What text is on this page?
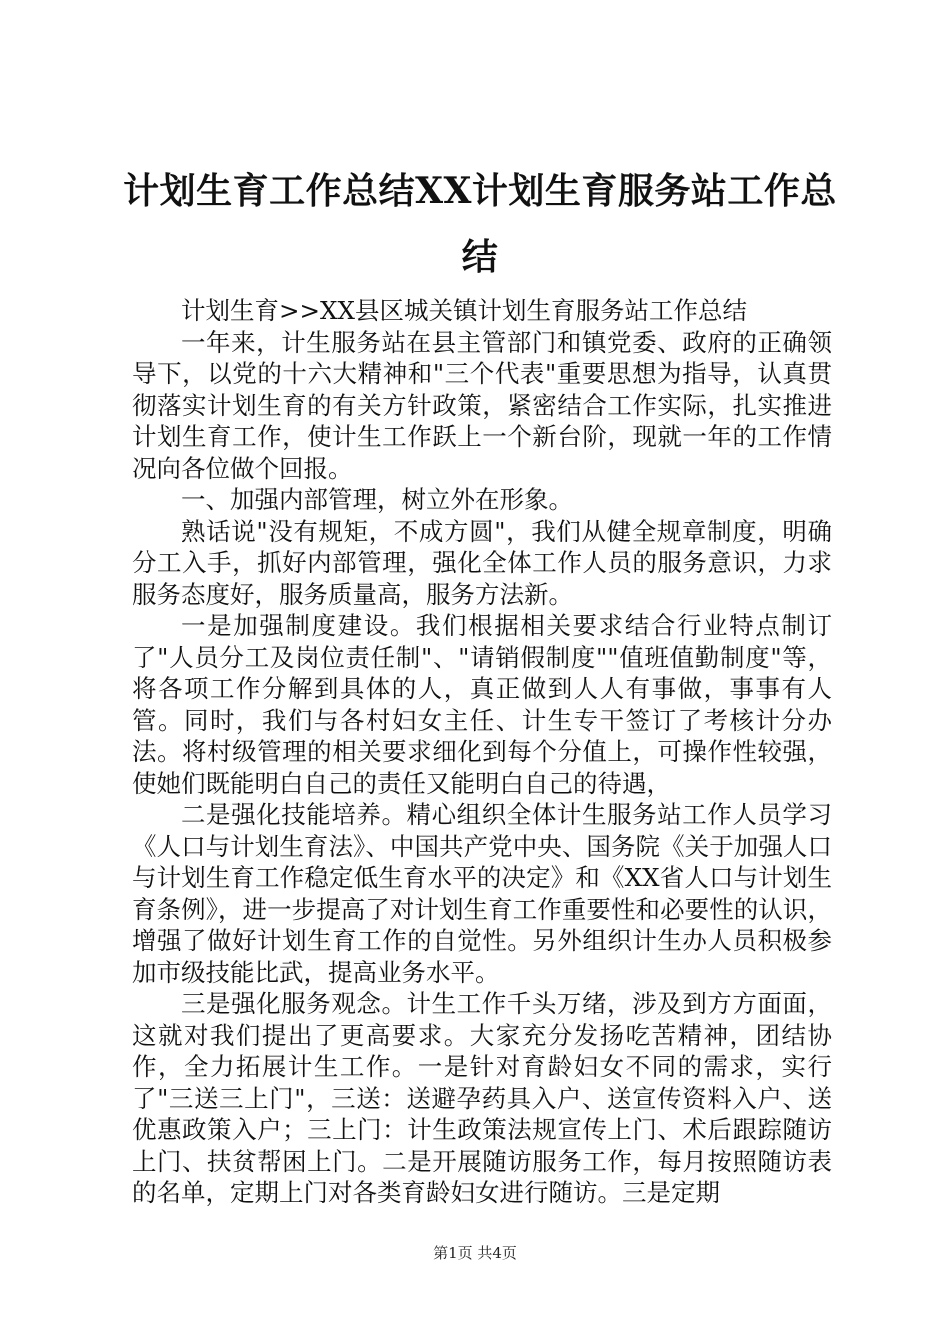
计划生育工作总结XX计划生育服务站工作总结

计划生育>>XX县区城关镇计划生育服务站工作总结

一年来，计生服务站在县主管部门和镇党委、政府的正确领导下，以党的十六大精神和"三个代表"重要思想为指导，认真贯彻落实计划生育的有关方针政策，紧密结合工作实际，扎实推进计划生育工作，使计生工作跃上一个新台阶，现就一年的工作情况向各位做个回报。

一、加强内部管理，树立外在形象。

熟话说"没有规矩，不成方圆"，我们从健全规章制度，明确分工入手，抓好内部管理，强化全体工作人员的服务意识，力求服务态度好，服务质量高，服务方法新。

一是加强制度建设。我们根据相关要求结合行业特点制订了"人员分工及岗位责任制"、"请销假制度""值班值勤制度"等，将各项工作分解到具体的人，真正做到人人有事做，事事有人管。同时，我们与各村妇女主任、计生专干签订了考核计分办法。将村级管理的相关要求细化到每个分值上，可操作性较强，使她们既能明白自己的责任又能明白自己的待遇，

二是强化技能培养。精心组织全体计生服务站工作人员学习《人口与计划生育法》、中国共产党中央、国务院《关于加强人口与计划生育工作稳定低生育水平的决定》和《XX省人口与计划生育条例》，进一步提高了对计划生育工作重要性和必要性的认识，增强了做好计划生育工作的自觉性。另外组织计生办人员积极参加市级技能比武，提高业务水平。

三是强化服务观念。计生工作千头万绪，涉及到方方面面，这就对我们提出了更高要求。大家充分发扬吃苦精神，团结协作，全力拓展计生工作。一是针对育龄妇女不同的需求，实行了"三送三上门"，三送：送避孕药具入户、送宣传资料入户、送优惠政策入户；三上门：计生政策法规宣传上门、术后跟踪随访上门、扶贫帮困上门。二是开展随访服务工作，每月按照随访表的名单，定期上门对各类育龄妇女进行随访。三是定期

第1页 共4页
